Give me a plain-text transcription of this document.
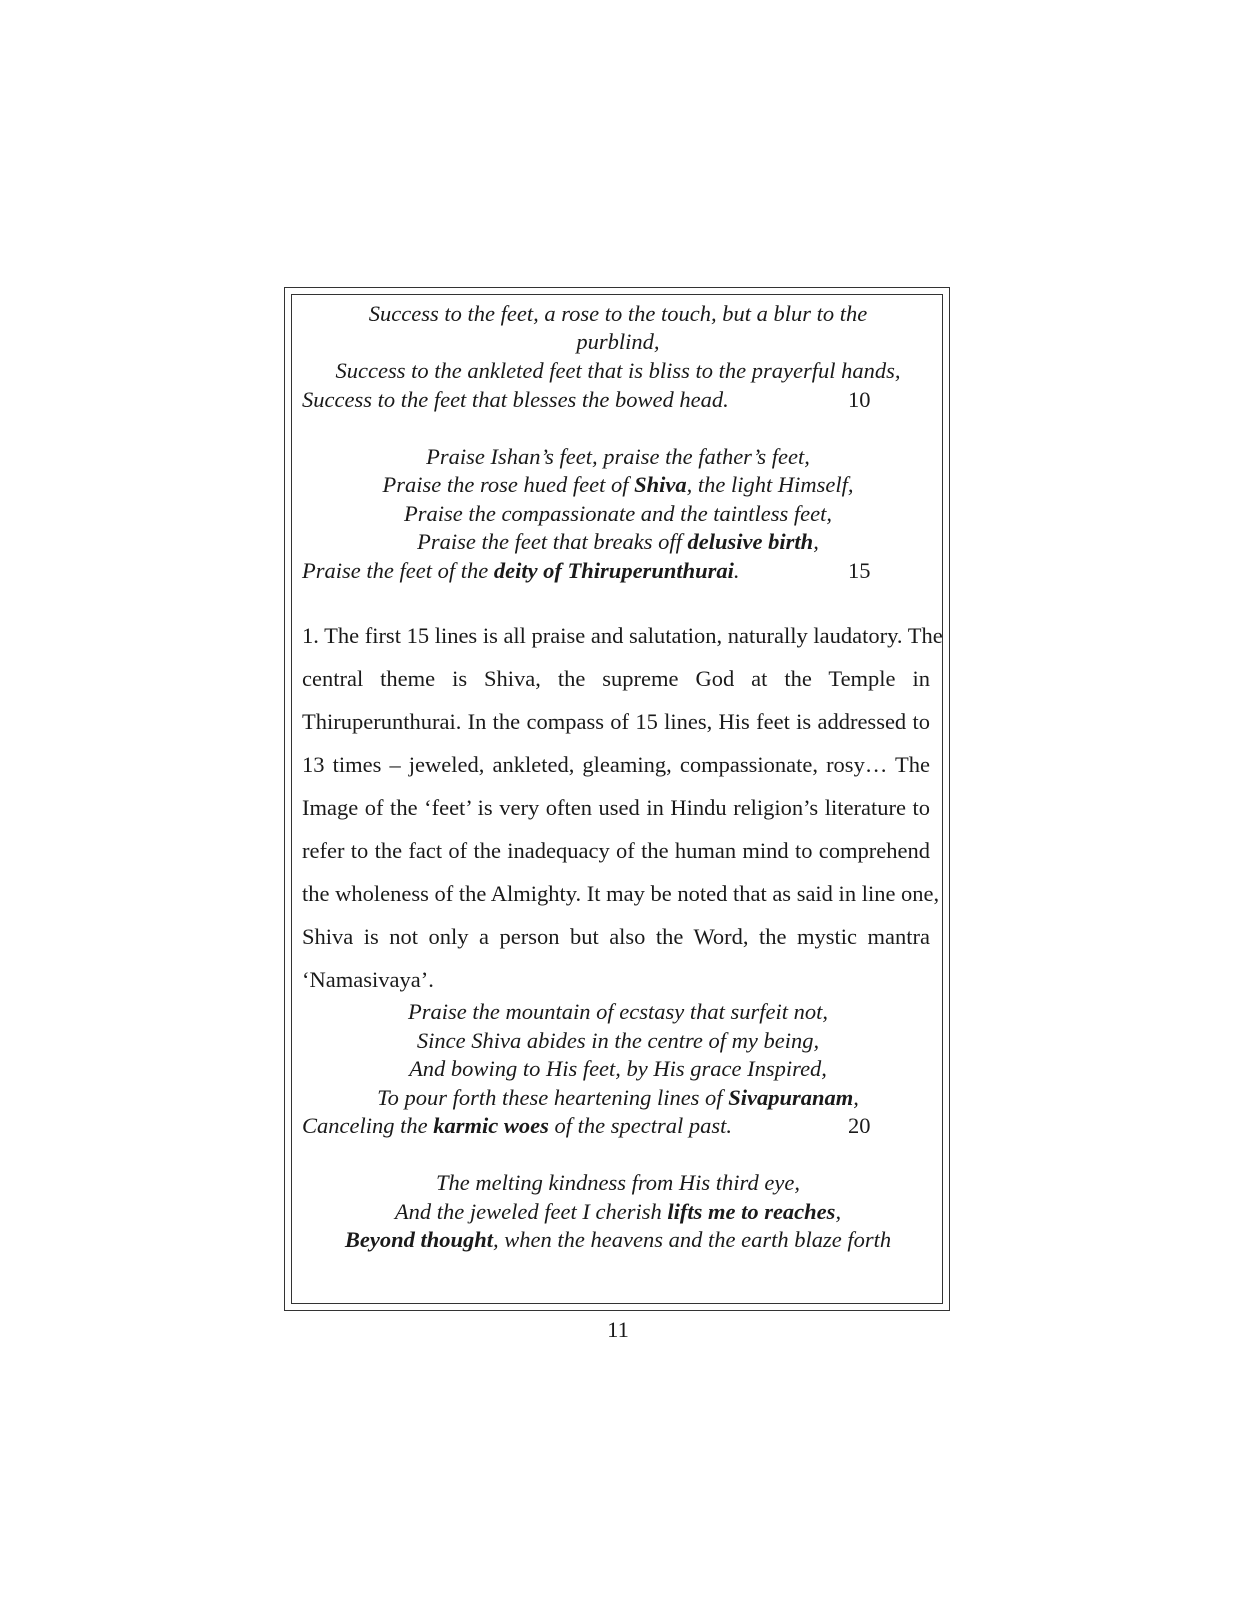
Success to the feet, a rose to the touch, but a blur to the
purblind,
Success to the ankleted feet that is bliss to the prayerful hands,
Success to the feet that blesses the bowed head.	10
Praise Ishan’s feet, praise the father’s feet,
Praise the rose hued feet of Shiva, the light Himself,
Praise the compassionate and the taintless feet,
Praise the feet that breaks off delusive birth,
Praise the feet of the deity of Thiruperunthurai.	15
1. The first 15 lines is all praise and salutation, naturally laudatory. The
central theme is Shiva, the supreme God at the Temple in
Thiruperunthurai. In the compass of 15 lines, His feet is addressed to
13 times – jeweled, ankleted, gleaming, compassionate, rosy… The
Image of the ‘feet’ is very often used in Hindu religion’s literature to
refer to the fact of the inadequacy of the human mind to comprehend
the wholeness of the Almighty. It may be noted that as said in line one,
Shiva is not only a person but also the Word, the mystic mantra
‘Namasivaya’.
Praise the mountain of ecstasy that surfeit not,
Since Shiva abides in the centre of my being,
And bowing to His feet, by His grace Inspired,
To pour forth these heartening lines of Sivapuranam,
Canceling the karmic woes of the spectral past.	20
The melting kindness from His third eye,
And the jeweled feet I cherish lifts me to reaches,
Beyond thought, when the heavens and the earth blaze forth
11
